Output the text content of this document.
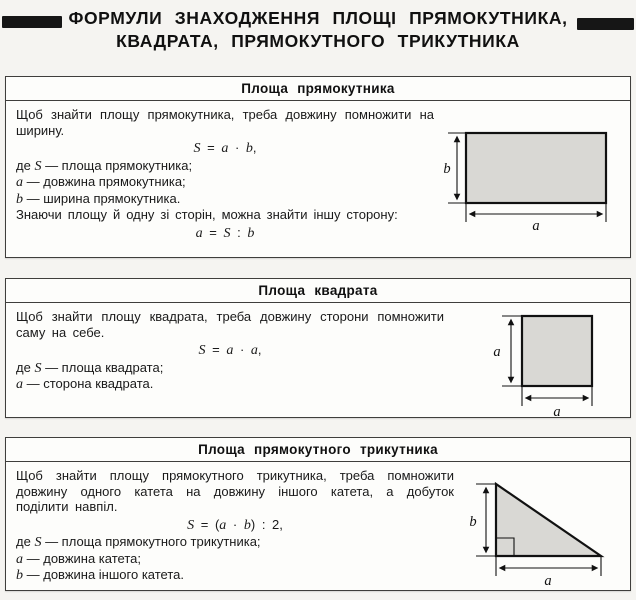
ФОРМУЛИ ЗНАХОДЖЕННЯ ПЛОЩІ ПРЯМОКУТНИКА,
КВАДРАТА, ПРЯМОКУТНОГО ТРИКУТНИКА
Площа прямокутника

Щоб знайти площу прямокутника, треба довжину помножити на ширину.

S = a · b,
де S — площа прямокутника;
a — довжина прямокутника;
b — ширина прямокутника.

Знаючи площу й одну зі сторін, можна знайти іншу сторону:

a = S : b
b
a
Площа квадрата

Щоб знайти площу квадрата, треба довжину сторони помножити саму на себе.

S = a · a,
де S — площа квадрата;
a — сторона квадрата.
a
a
Площа прямокутного трикутника

Щоб знайти площу прямокутного трикутника, треба помножити довжину одного катета на довжину іншого катета, а добуток поділити навпіл.

S = (a · b) : 2,
де S — площа прямокутного трикутника;
a — довжина катета;
b — довжина іншого катета.
b
a
